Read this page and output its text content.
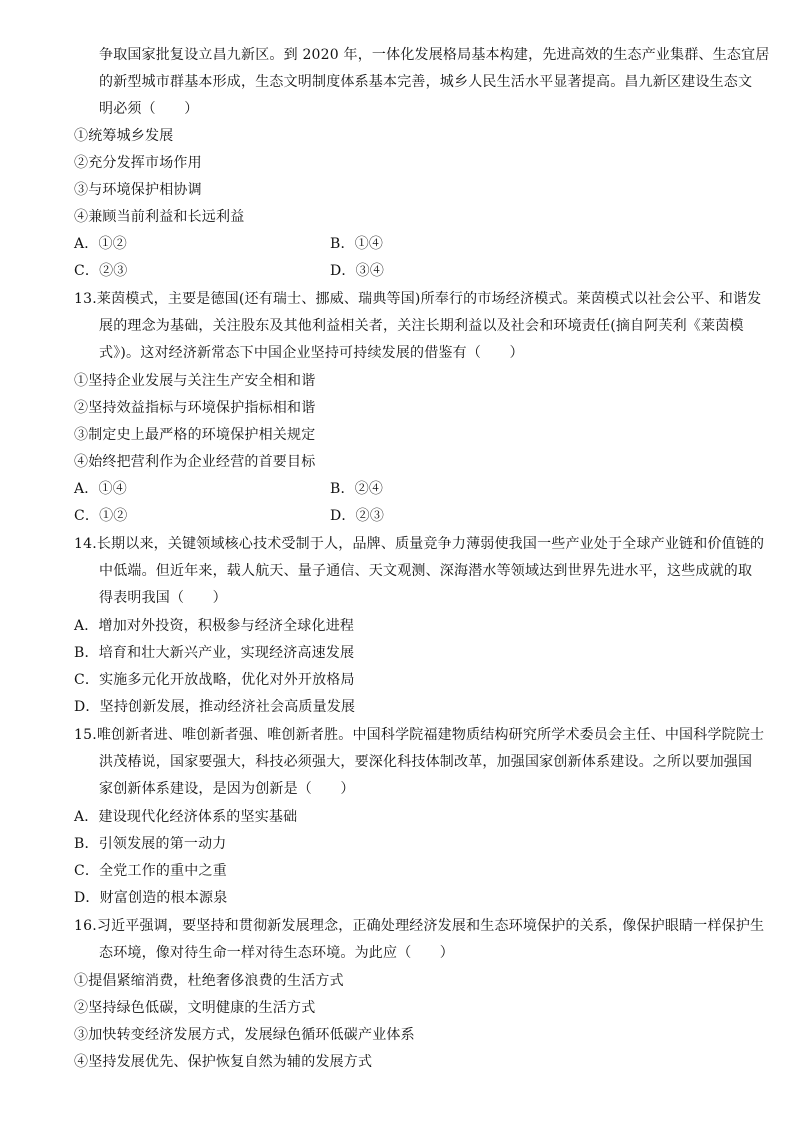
争取国家批复设立昌九新区。到 2020 年，一体化发展格局基本构建，先进高效的生态产业集群、生态宜居
的新型城市群基本形成，生态文明制度体系基本完善，城乡人民生活水平显著提高。昌九新区建设生态文
明必须（　　）
①统筹城乡发展
②充分发挥市场作用
③与环境保护相协调
④兼顾当前利益和长远利益
A．①②	B．①④
C．②③	D．③④
13.莱茵模式，主要是德国(还有瑞士、挪威、瑞典等国)所奉行的市场经济模式。莱茵模式以社会公平、和谐发
展的理念为基础，关注股东及其他利益相关者，关注长期利益以及社会和环境责任(摘自阿芙利《莱茵模
式》)。这对经济新常态下中国企业坚持可持续发展的借鉴有（　　）
①坚持企业发展与关注生产安全相和谐
②坚持效益指标与环境保护指标相和谐
③制定史上最严格的环境保护相关规定
④始终把营利作为企业经营的首要目标
A．①④	B．②④
C．①②	D．②③
14.长期以来，关键领域核心技术受制于人，品牌、质量竞争力薄弱使我国一些产业处于全球产业链和价值链的
中低端。但近年来，载人航天、量子通信、天文观测、深海潜水等领域达到世界先进水平，这些成就的取
得表明我国（　　）
A．增加对外投资，积极参与经济全球化进程
B．培育和壮大新兴产业，实现经济高速发展
C．实施多元化开放战略，优化对外开放格局
D．坚持创新发展，推动经济社会高质量发展
15.唯创新者进、唯创新者强、唯创新者胜。中国科学院福建物质结构研究所学术委员会主任、中国科学院院士
洪茂椿说，国家要强大，科技必须强大，要深化科技体制改革，加强国家创新体系建设。之所以要加强国
家创新体系建设，是因为创新是（　　）
A．建设现代化经济体系的坚实基础
B．引领发展的第一动力
C．全党工作的重中之重
D．财富创造的根本源泉
16.习近平强调，要坚持和贯彻新发展理念，正确处理经济发展和生态环境保护的关系，像保护眼睛一样保护生
态环境，像对待生命一样对待生态环境。为此应（　　）
①提倡紧缩消费，杜绝奢侈浪费的生活方式
②坚持绿色低碳，文明健康的生活方式
③加快转变经济发展方式，发展绿色循环低碳产业体系
④坚持发展优先、保护恢复自然为辅的发展方式
